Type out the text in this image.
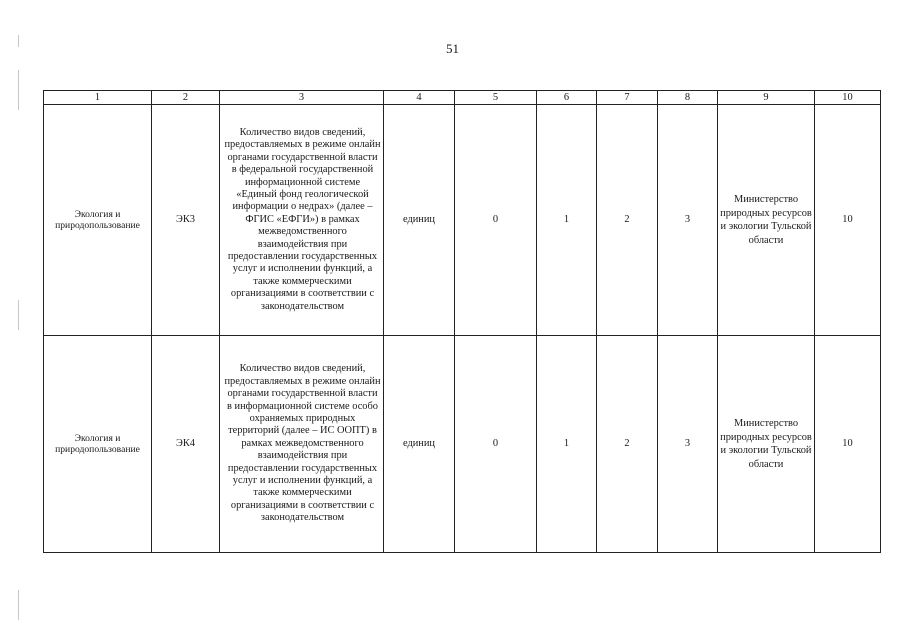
51
1	2	3	4	5	6	7	8	9	10
Экология и природопользование	ЭК3	Количество видов сведений, предоставляемых в режиме онлайн органами государственной власти в федеральной государственной информационной системе «Единый фонд геологической информации о недрах» (далее – ФГИС «ЕФГИ») в рамках межведомственного взаимодействия при предоставлении государственных услуг и исполнении функций, а также коммерческими организациями в соответствии с законодательством	единиц	0	1	2	3	Министерство природных ресурсов и экологии Тульской области	10
Экология и природопользование	ЭК4	Количество видов сведений, предоставляемых в режиме онлайн органами государственной власти в информационной системе особо охраняемых природных территорий (далее – ИС ООПТ) в рамках межведомственного взаимодействия при предоставлении государственных услуг и исполнении функций, а также коммерческими организациями в соответствии с законодательством	единиц	0	1	2	3	Министерство природных ресурсов и экологии Тульской области	10
